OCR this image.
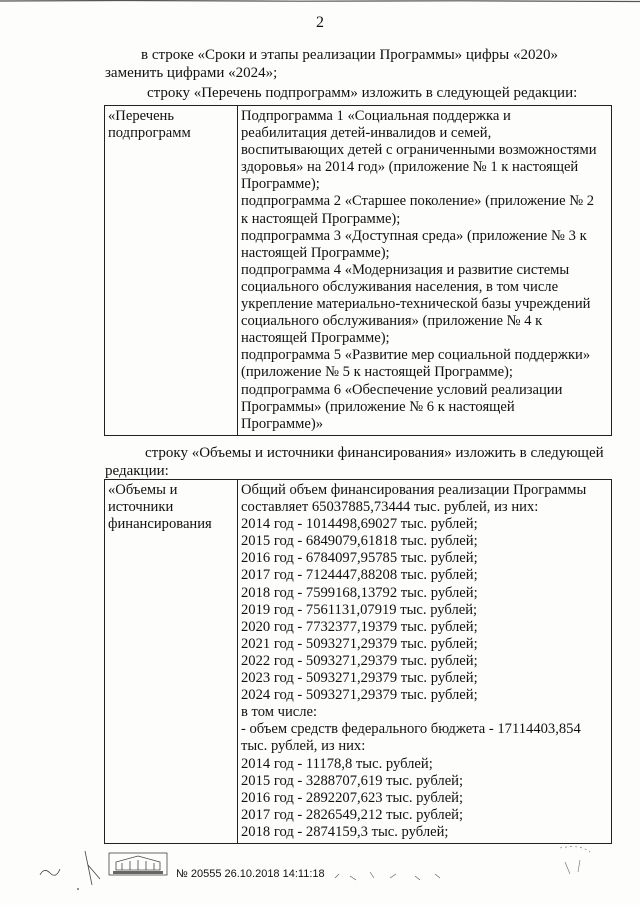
2
в строке «Сроки и этапы реализации Программы» цифры «2020»
заменить цифрами «2024»;
строку «Перечень подпрограмм» изложить в следующей редакции:
«Перечень
подпрограмм

Подпрограмма 1 «Социальная поддержка и
реабилитация детей-инвалидов и семей,
воспитывающих детей с ограниченными возможностями
здоровья» на 2014 год» (приложение № 1 к настоящей
Программе);
подпрограмма 2 «Старшее поколение» (приложение № 2
к настоящей Программе);
подпрограмма 3 «Доступная среда» (приложение № 3 к
настоящей Программе);
подпрограмма 4 «Модернизация и развитие системы
социального обслуживания населения, в том числе
укрепление материально-технической базы учреждений
социального обслуживания» (приложение № 4 к
настоящей Программе);
подпрограмма 5 «Развитие мер социальной поддержки»
(приложение № 5 к настоящей Программе);
подпрограмма 6 «Обеспечение условий реализации
Программы» (приложение № 6 к настоящей
Программе)»
строку «Объемы и источники финансирования» изложить в следующей
редакции:
«Объемы и
источники
финансирования

Общий объем финансирования реализации Программы
составляет 65037885,73444 тыс. рублей, из них:
2014 год - 1014498,69027 тыс. рублей;
2015 год - 6849079,61818 тыс. рублей;
2016 год - 6784097,95785 тыс. рублей;
2017 год - 7124447,88208 тыс. рублей;
2018 год - 7599168,13792 тыс. рублей;
2019 год - 7561131,07919 тыс. рублей;
2020 год - 7732377,19379 тыс. рублей;
2021 год - 5093271,29379 тыс. рублей;
2022 год - 5093271,29379 тыс. рублей;
2023 год - 5093271,29379 тыс. рублей;
2024 год - 5093271,29379 тыс. рублей;
в том числе:
- объем средств федерального бюджета - 17114403,854
тыс. рублей, из них:
2014 год - 11178,8 тыс. рублей;
2015 год - 3288707,619 тыс. рублей;
2016 год - 2892207,623 тыс. рублей;
2017 год - 2826549,212 тыс. рублей;
2018 год - 2874159,3 тыс. рублей;
№ 20555 26.10.2018 14:11:18
